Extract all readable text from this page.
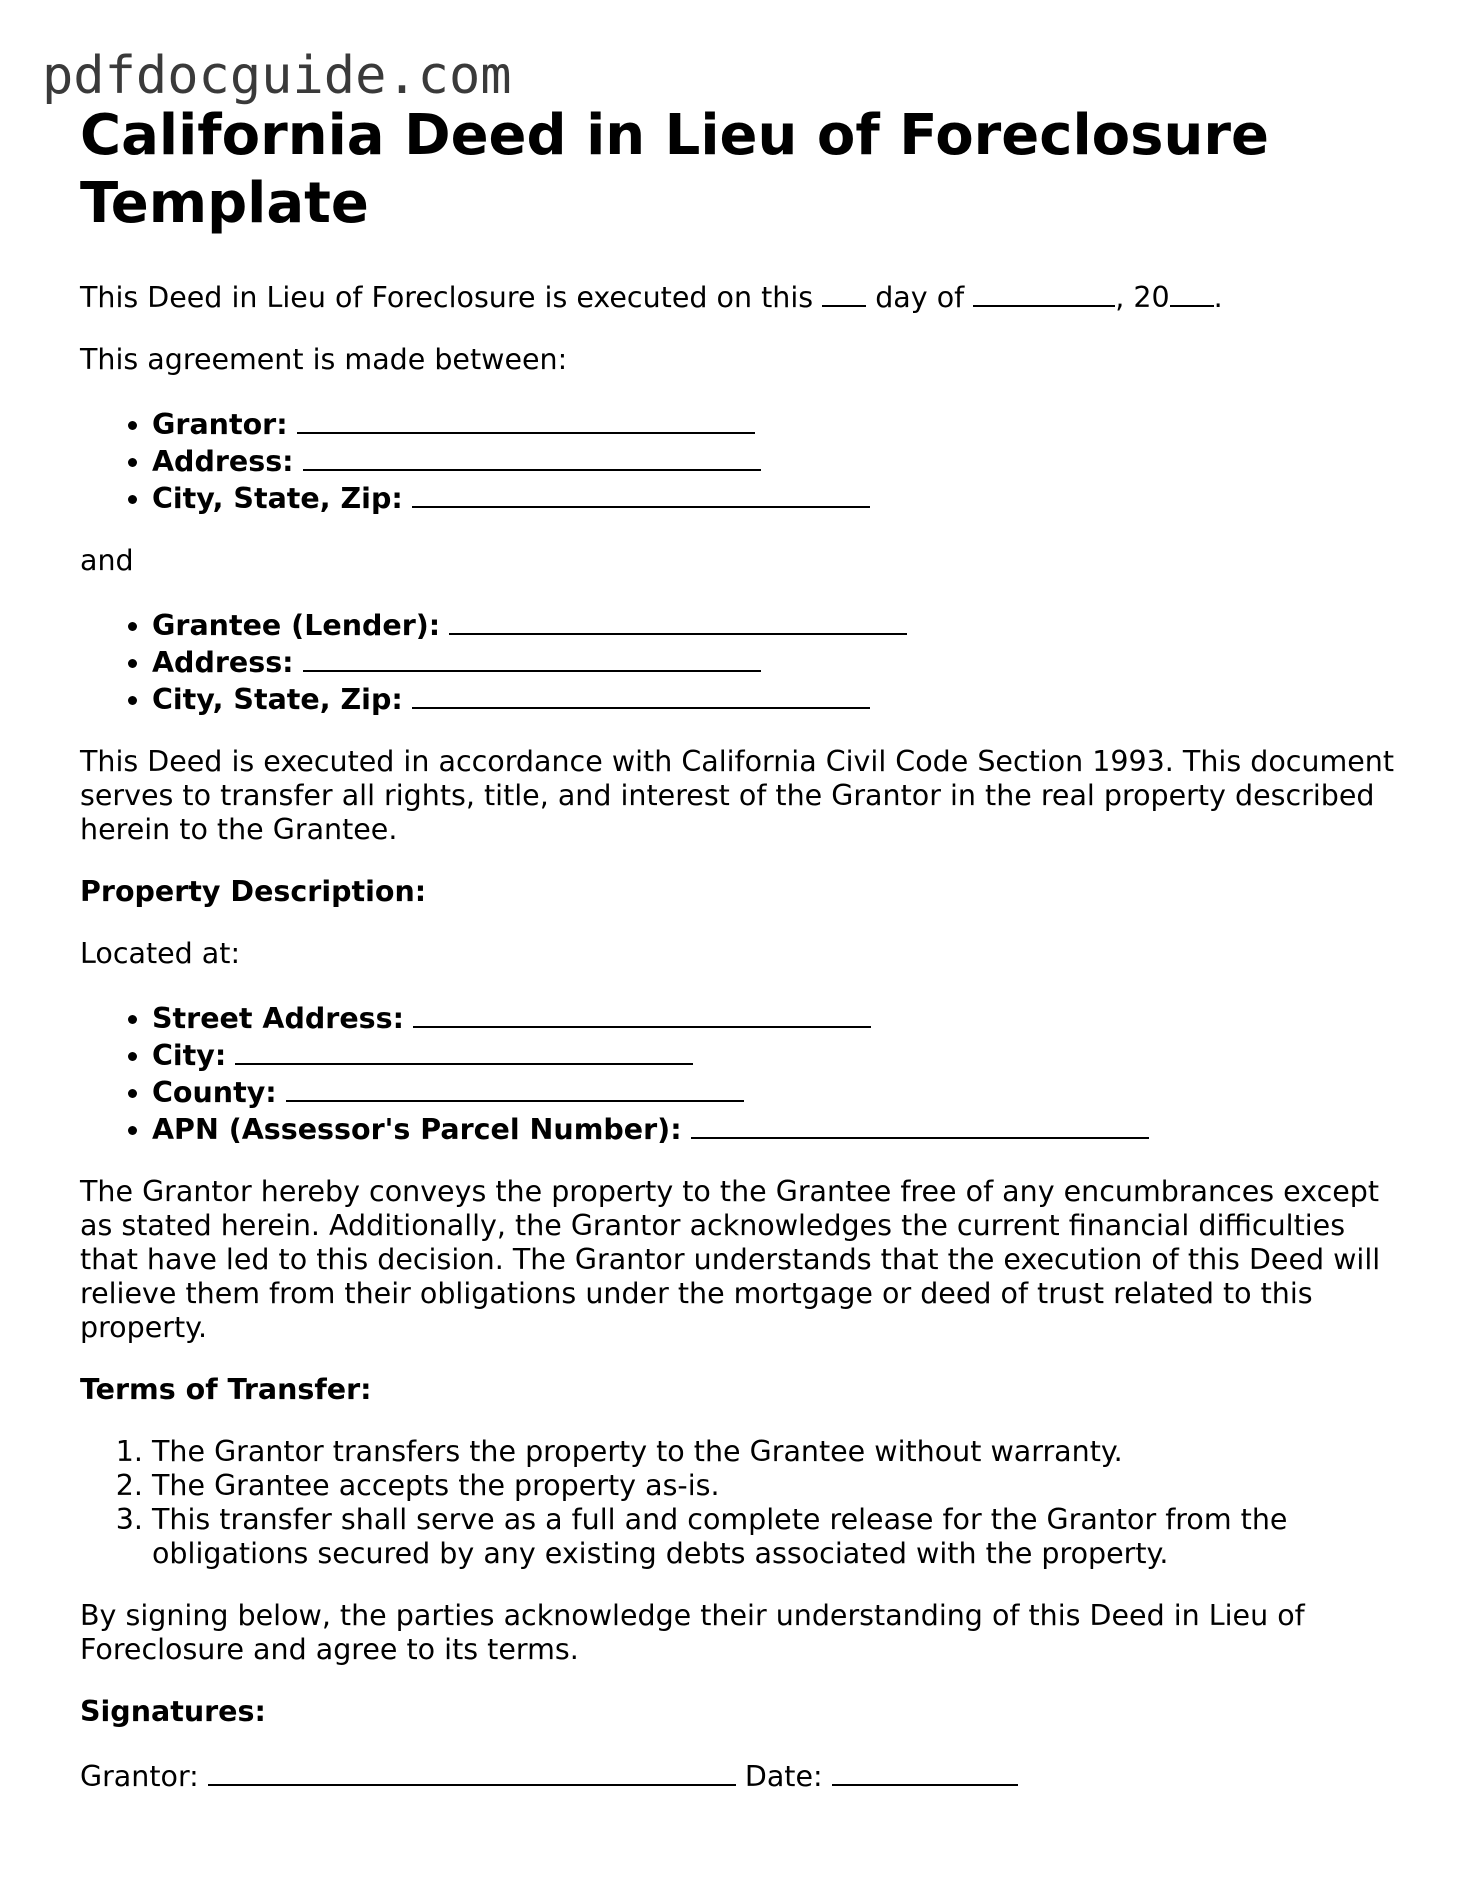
pdfdocguide.com
California Deed in Lieu of Foreclosure Template

This Deed in Lieu of Foreclosure is executed on this day of	, 20 .

This agreement is made between:

• Grantor:
• Address:
• City, State, Zip:

and

• Grantee (Lender):
• Address:
• City, State, Zip:

This Deed is executed in accordance with California Civil Code Section 1993. This document serves to transfer all rights, title, and interest of the Grantor in the real property described herein to the Grantee.

Property Description:

Located at:

• Street Address:
• City:
• County:
• APN (Assessor's Parcel Number):

The Grantor hereby conveys the property to the Grantee free of any encumbrances except as stated herein. Additionally, the Grantor acknowledges the current financial difficulties that have led to this decision. The Grantor understands that the execution of this Deed will relieve them from their obligations under the mortgage or deed of trust related to this property.

Terms of Transfer:

1. The Grantor transfers the property to the Grantee without warranty.
2. The Grantee accepts the property as-is.
3. This transfer shall serve as a full and complete release for the Grantor from the obligations secured by any existing debts associated with the property.

By signing below, the parties acknowledge their understanding of this Deed in Lieu of Foreclosure and agree to its terms.

Signatures:

Grantor:	Date:
